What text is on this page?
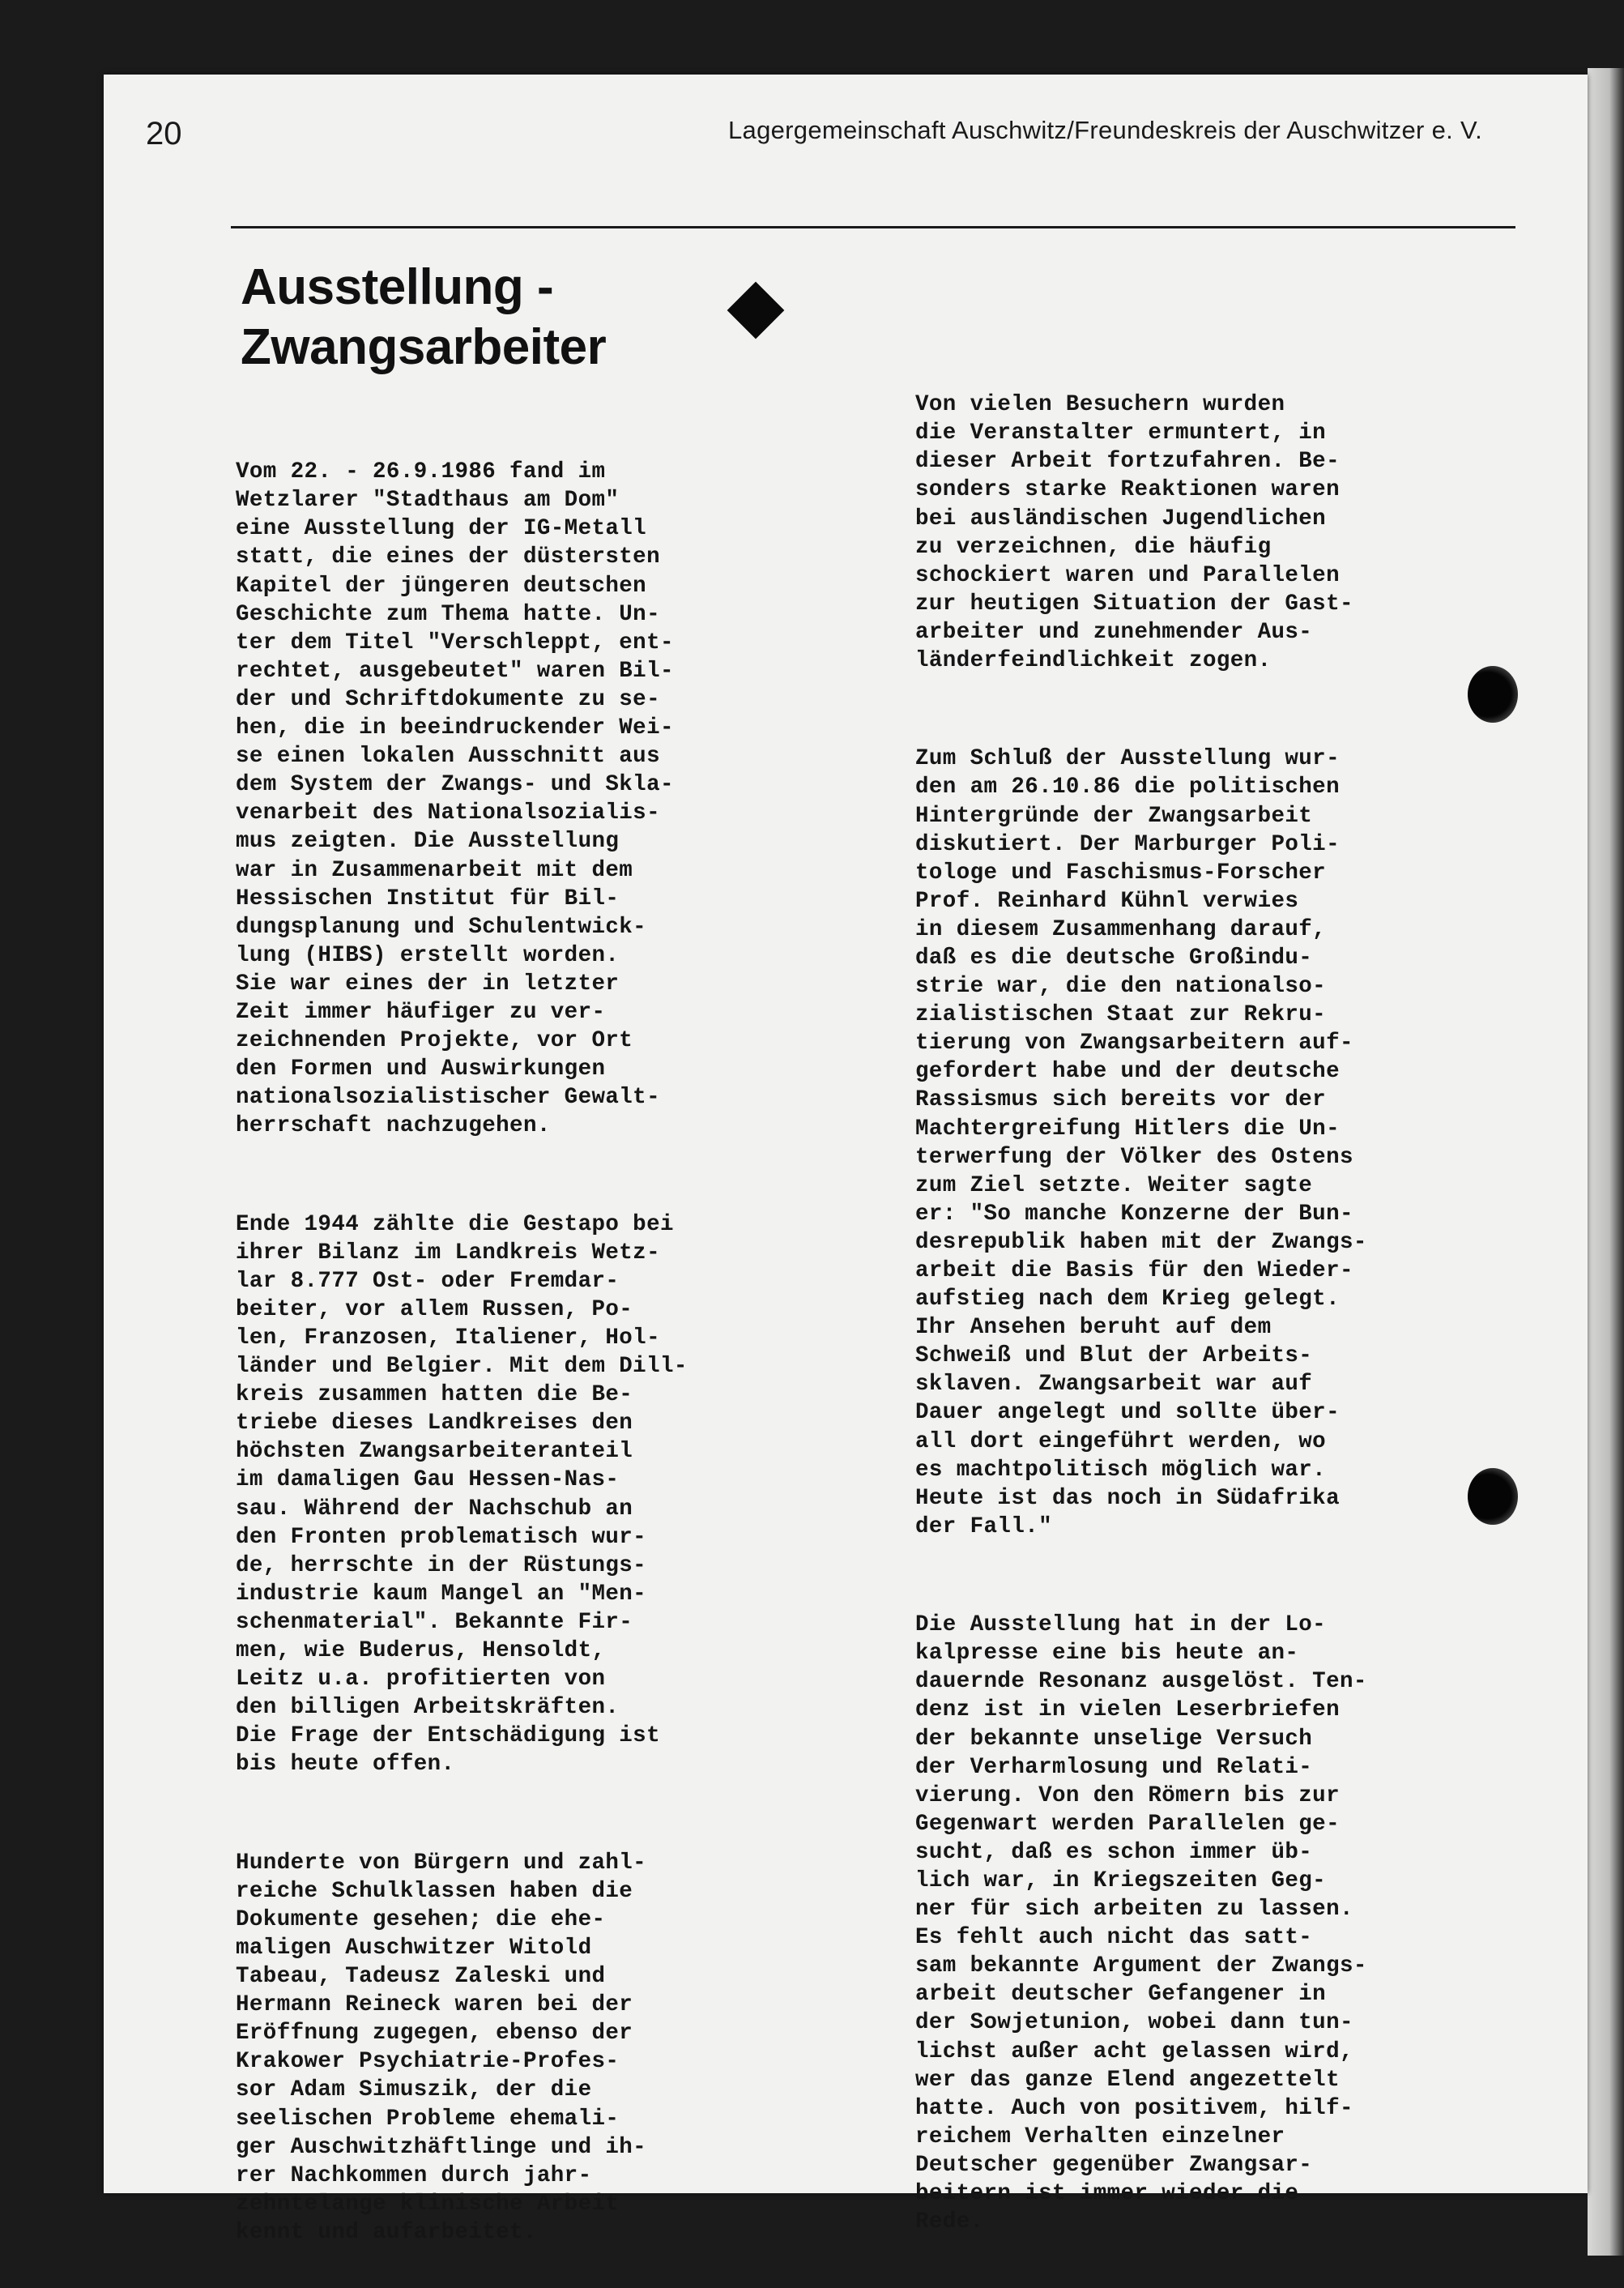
20	Lagergemeinschaft Auschwitz/Freundeskreis der Auschwitzer e. V.
Ausstellung -
Zwangsarbeiter

Vom 22. - 26.9.1986 fand im
Wetzlarer "Stadthaus am Dom"
eine Ausstellung der IG-Metall
statt, die eines der düstersten
Kapitel der jüngeren deutschen
Geschichte zum Thema hatte. Un-
ter dem Titel "Verschleppt, ent-
rechtet, ausgebeutet" waren Bil-
der und Schriftdokumente zu se-
hen, die in beeindruckender Wei-
se einen lokalen Ausschnitt aus
dem System der Zwangs- und Skla-
venarbeit des Nationalsozialis-
mus zeigten. Die Ausstellung
war in Zusammenarbeit mit dem
Hessischen Institut für Bil-
dungsplanung und Schulentwick-
lung (HIBS) erstellt worden.
Sie war eines der in letzter
Zeit immer häufiger zu ver-
zeichnenden Projekte, vor Ort
den Formen und Auswirkungen
nationalsozialistischer Gewalt-
herrschaft nachzugehen.

Ende 1944 zählte die Gestapo bei
ihrer Bilanz im Landkreis Wetz-
lar 8.777 Ost- oder Fremdar-
beiter, vor allem Russen, Po-
len, Franzosen, Italiener, Hol-
länder und Belgier. Mit dem Dill-
kreis zusammen hatten die Be-
triebe dieses Landkreises den
höchsten Zwangsarbeiteranteil
im damaligen Gau Hessen-Nas-
sau. Während der Nachschub an
den Fronten problematisch wur-
de, herrschte in der Rüstungs-
industrie kaum Mangel an "Men-
schenmaterial". Bekannte Fir-
men, wie Buderus, Hensoldt,
Leitz u.a. profitierten von
den billigen Arbeitskräften.
Die Frage der Entschädigung ist
bis heute offen.

Hunderte von Bürgern und zahl-
reiche Schulklassen haben die
Dokumente gesehen; die ehe-
maligen Auschwitzer Witold
Tabeau, Tadeusz Zaleski und
Hermann Reineck waren bei der
Eröffnung zugegen, ebenso der
Krakower Psychiatrie-Profes-
sor Adam Simuszik, der die
seelischen Probleme ehemali-
ger Auschwitzhäftlinge und ih-
rer Nachkommen durch jahr-
zehntelange klinische Arbeit
kennt und aufarbeitet.

Von vielen Besuchern wurden
die Veranstalter ermuntert, in
dieser Arbeit fortzufahren. Be-
sonders starke Reaktionen waren
bei ausländischen Jugendlichen
zu verzeichnen, die häufig
schockiert waren und Parallelen
zur heutigen Situation der Gast-
arbeiter und zunehmender Aus-
länderfeindlichkeit zogen.

Zum Schluß der Ausstellung wur-
den am 26.10.86 die politischen
Hintergründe der Zwangsarbeit
diskutiert. Der Marburger Poli-
tologe und Faschismus-Forscher
Prof. Reinhard Kühnl verwies
in diesem Zusammenhang darauf,
daß es die deutsche Großindu-
strie war, die den nationalso-
zialistischen Staat zur Rekru-
tierung von Zwangsarbeitern auf-
gefordert habe und der deutsche
Rassismus sich bereits vor der
Machtergreifung Hitlers die Un-
terwerfung der Völker des Ostens
zum Ziel setzte. Weiter sagte
er: "So manche Konzerne der Bun-
desrepublik haben mit der Zwangs-
arbeit die Basis für den Wieder-
aufstieg nach dem Krieg gelegt.
Ihr Ansehen beruht auf dem
Schweiß und Blut der Arbeits-
sklaven. Zwangsarbeit war auf
Dauer angelegt und sollte über-
all dort eingeführt werden, wo
es machtpolitisch möglich war.
Heute ist das noch in Südafrika
der Fall."

Die Ausstellung hat in der Lo-
kalpresse eine bis heute an-
dauernde Resonanz ausgelöst. Ten-
denz ist in vielen Leserbriefen
der bekannte unselige Versuch
der Verharmlosung und Relati-
vierung. Von den Römern bis zur
Gegenwart werden Parallelen ge-
sucht, daß es schon immer üb-
lich war, in Kriegszeiten Geg-
ner für sich arbeiten zu lassen.
Es fehlt auch nicht das satt-
sam bekannte Argument der Zwangs-
arbeit deutscher Gefangener in
der Sowjetunion, wobei dann tun-
lichst außer acht gelassen wird,
wer das ganze Elend angezettelt
hatte. Auch von positivem, hilf-
reichem Verhalten einzelner
Deutscher gegenüber Zwangsar-
beitern ist immer wieder die
Rede.
